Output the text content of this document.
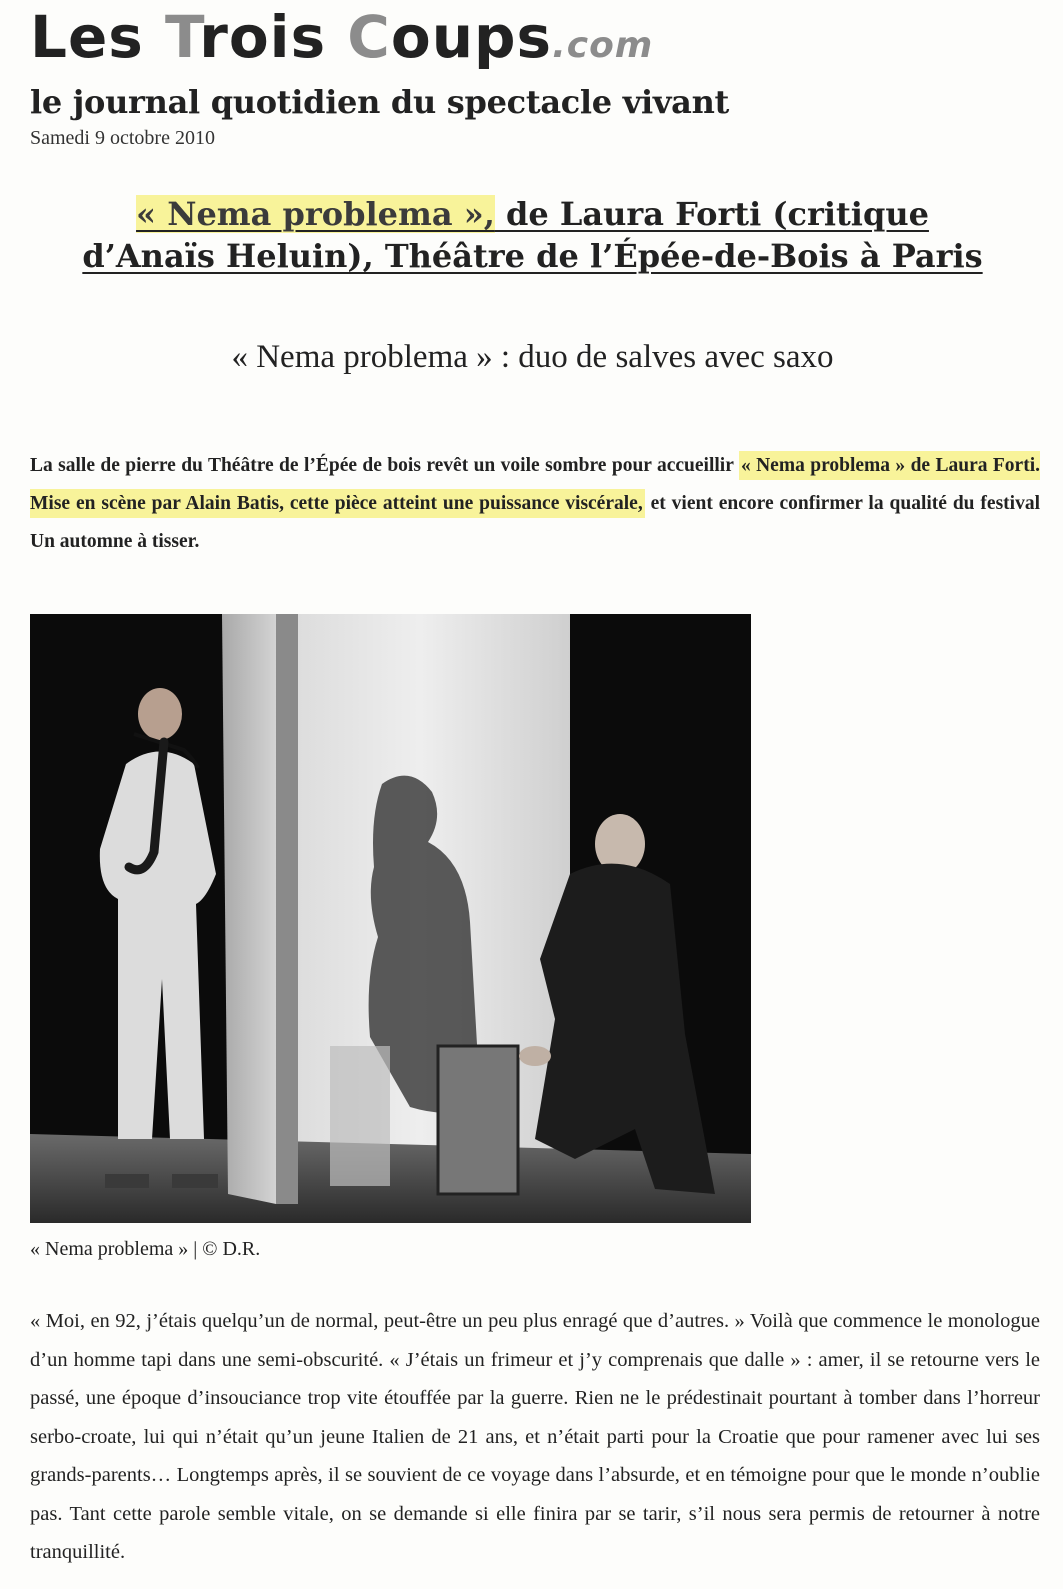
Les Trois Coups.com
le journal quotidien du spectacle vivant
Samedi 9 octobre 2010
« Nema problema », de Laura Forti (critique d’Anaïs Heluin), Théâtre de l’Épée-de-Bois à Paris
« Nema problema » : duo de salves avec saxo

La salle de pierre du Théâtre de l’Épée de bois revêt un voile sombre pour accueillir « Nema problema » de Laura Forti. Mise en scène par Alain Batis, cette pièce atteint une puissance viscérale, et vient encore confirmer la qualité du festival Un automne à tisser.

« Nema problema » | © D.R.

« Moi, en 92, j’étais quelqu’un de normal, peut-être un peu plus enragé que d’autres. » Voilà que commence le monologue d’un homme tapi dans une semi-obscurité. « J’étais un frimeur et j’y comprenais que dalle » : amer, il se retourne vers le passé, une époque d’insouciance trop vite étouffée par la guerre. Rien ne le prédestinait pourtant à tomber dans l’horreur serbo-croate, lui qui n’était qu’un jeune Italien de 21 ans, et n’était parti pour la Croatie que pour ramener avec lui ses grands-parents… Longtemps après, il se souvient de ce voyage dans l’absurde, et en témoigne pour que le monde n’oublie pas. Tant cette parole semble vitale, on se demande si elle finira par se tarir, s’il nous sera permis de retourner à notre tranquillité.
